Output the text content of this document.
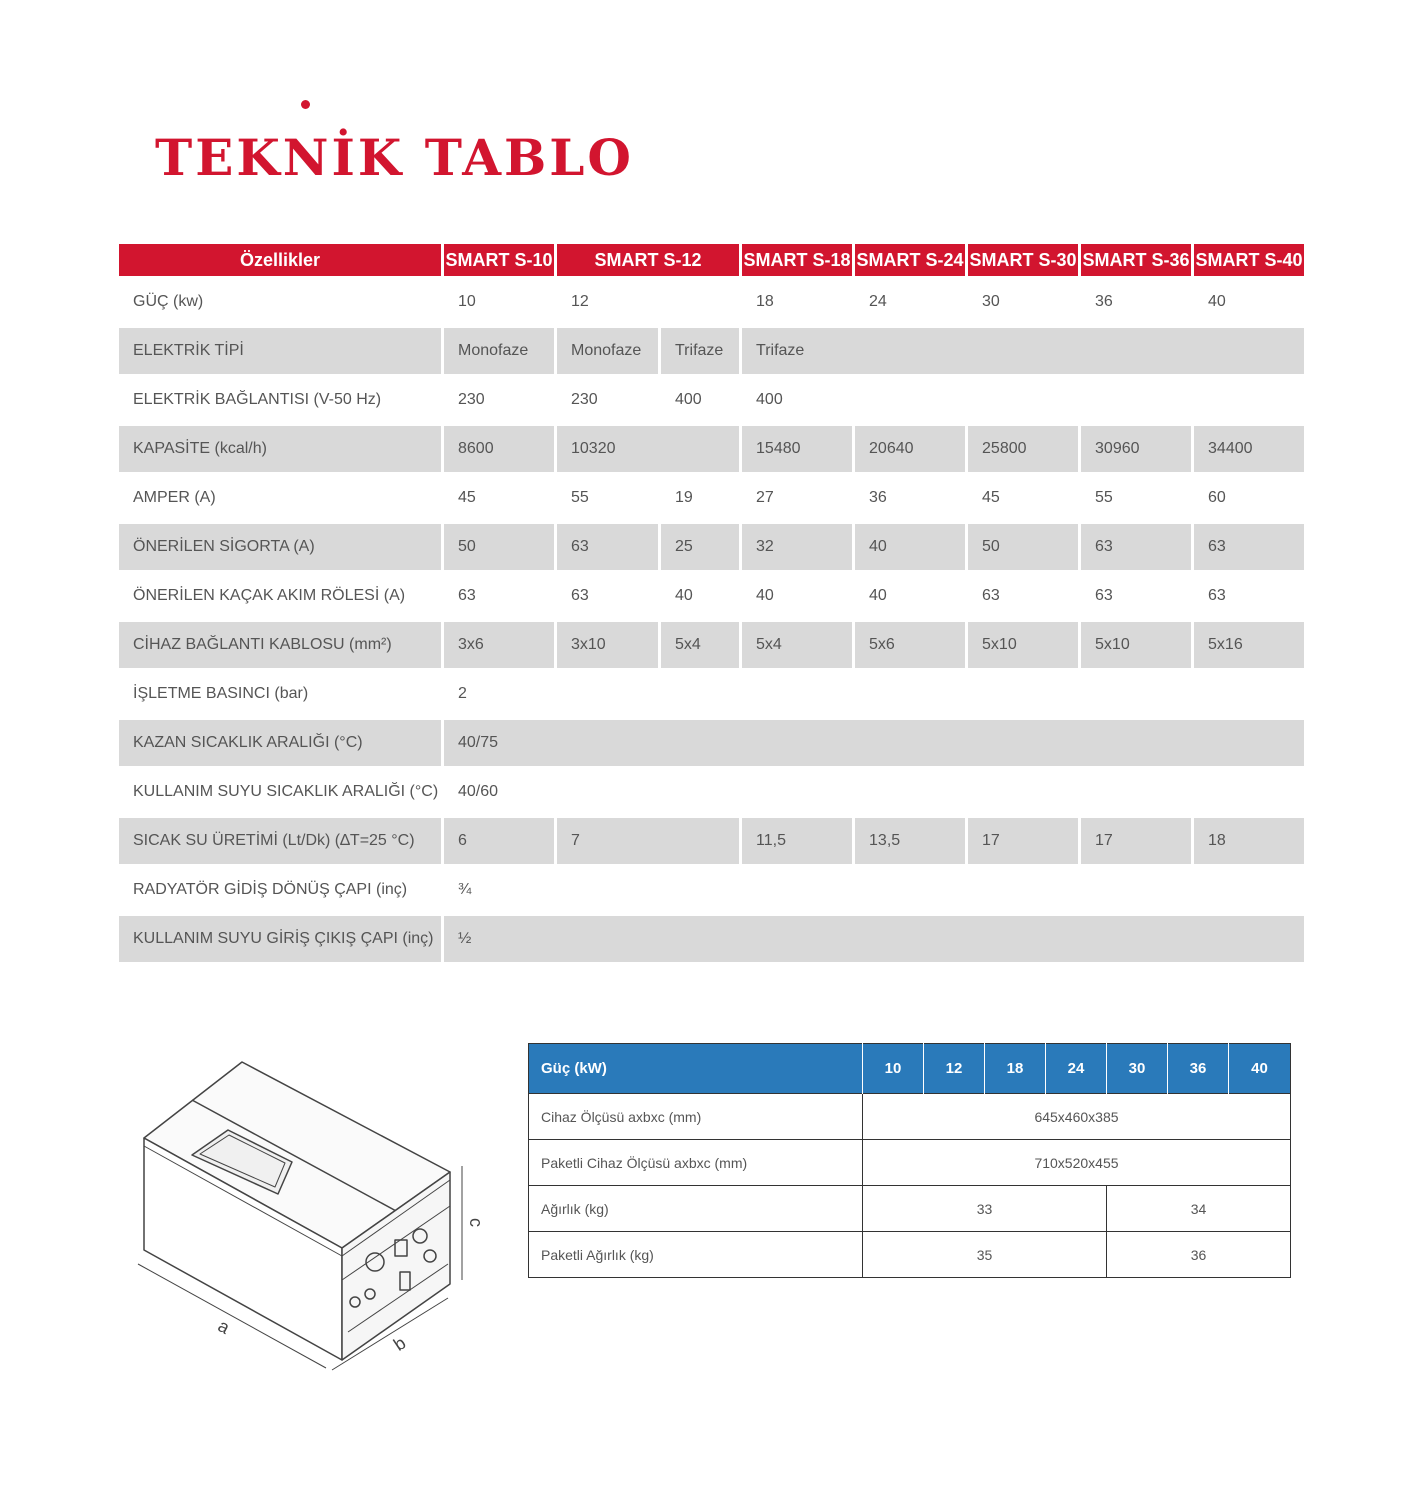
TEKNİK TABLO
Özellikler	SMART S-10	SMART S-12		SMART S-18	SMART S-24	SMART S-30	SMART S-36	SMART S-40
GÜÇ (kw)	10	12		18	24	30	36	40
ELEKTRİK TİPİ	Monofaze	Monofaze	Trifaze	Trifaze				
ELEKTRİK BAĞLANTISI (V-50 Hz)	230	230	400	400				
KAPASİTE (kcal/h)	8600	10320		15480	20640	25800	30960	34400
AMPER (A)	45	55	19	27	36	45	55	60
ÖNERİLEN SİGORTA (A)	50	63	25	32	40	50	63	63
ÖNERİLEN KAÇAK AKIM RÖLESİ (A)	63	63	40	40	40	63	63	63
CİHAZ BAĞLANTI KABLOSU (mm²)	3x6	3x10	5x4	5x4	5x6	5x10	5x10	5x16
İŞLETME BASINCI (bar)	2							
KAZAN SICAKLIK ARALIĞI (°C)	40/75							
KULLANIM SUYU SICAKLIK ARALIĞI (°C)	40/60							
SICAK SU ÜRETİMİ (Lt/Dk) (∆T=25 °C)	6	7		11,5	13,5	17	17	18
RADYATÖR GİDİŞ DÖNÜŞ ÇAPI (inç)	¾							
KULLANIM SUYU GİRİŞ ÇIKIŞ ÇAPI (inç)	½							
a
b
c
Güç (kW)	10	12	18	24	30	36	40
Cihaz Ölçüsü axbxc (mm)	645x460x385						
Paketli Cihaz Ölçüsü axbxc (mm)	710x520x455						
Ağırlık (kg)	33				34		
Paketli Ağırlık (kg)	35				36		
